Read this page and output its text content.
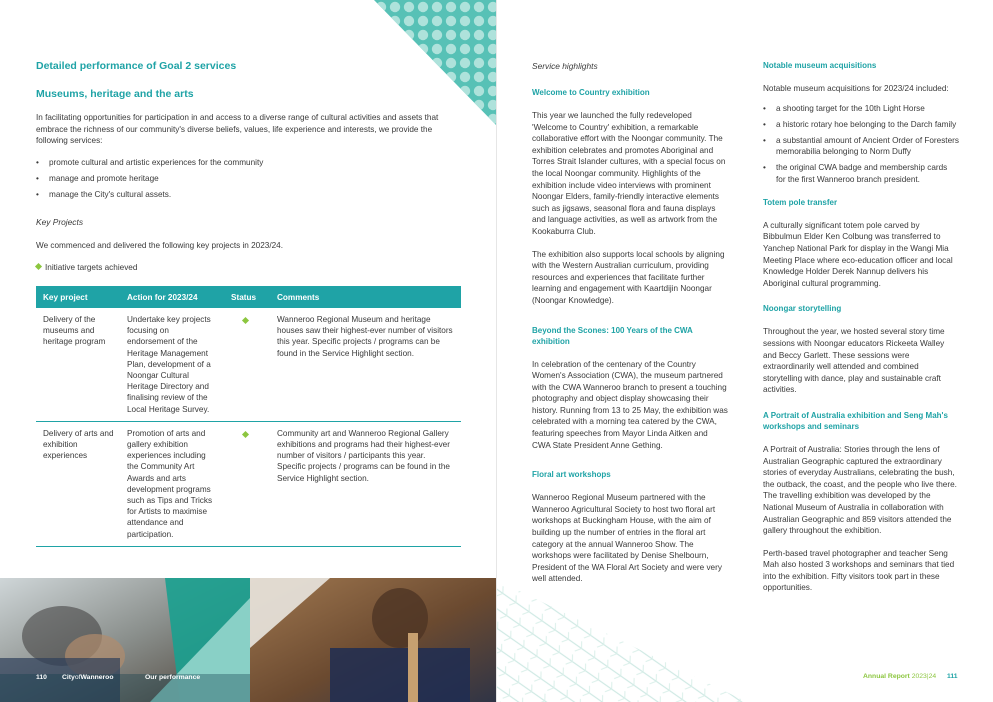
Detailed performance of Goal 2 services
Museums, heritage and the arts

In facilitating opportunities for participation in and access to a diverse range of cultural activities and assets that embrace the richness of our community's diverse beliefs, values, life experience and interests, we provide the following services:

• promote cultural and artistic experiences for the community
• manage and promote heritage
• manage the City's cultural assets.
Key Projects

We commenced and delivered the following key projects in 2023/24.

Initiative targets achieved
Key project	Action for 2023/24	Status	Comments
Delivery of the museums and heritage program	Undertake key projects focusing on endorsement of the Heritage Management Plan, development of a Noongar Cultural Heritage Directory and finalising review of the Local Heritage Survey.		Wanneroo Regional Museum and heritage houses saw their highest-ever number of visitors this year. Specific projects / programs can be found in the Service Highlight section.
Delivery of arts and exhibition experiences	Promotion of arts and gallery exhibition experiences including the Community Art Awards and arts development programs such as Tips and Tricks for Artists to maximise attendance and participation.		Community art and Wanneroo Regional Gallery exhibitions and programs had their highest-ever number of visitors / participants this year. Specific projects / programs can be found in the Service Highlight section.
110 CityofWanneroo	Our performance
Service highlights
Welcome to Country exhibition

This year we launched the fully redeveloped 'Welcome to Country' exhibition, a remarkable collaborative effort with the Noongar community. The exhibition celebrates and promotes Aboriginal and Torres Strait Islander cultures, with a special focus on the local Noongar community. Highlights of the exhibition include video interviews with prominent Noongar Elders, family-friendly interactive elements such as jigsaws, seasonal flora and fauna displays and language activities, as well as artwork from the Kookaburra Club.

The exhibition also supports local schools by aligning with the Western Australian curriculum, providing resources and experiences that facilitate further learning and engagement with Kaartdijin Noongar (Noongar Knowledge).

Beyond the Scones: 100 Years of the CWA exhibition

In celebration of the centenary of the Country Women's Association (CWA), the museum partnered with the CWA Wanneroo branch to present a touching photography and object display showcasing their history. Running from 13 to 25 May, the exhibition was celebrated with a morning tea catered by the CWA, featuring speeches from Mayor Linda Aitken and CWA State President Anne Gething.

Floral art workshops

Wanneroo Regional Museum partnered with the Wanneroo Agricultural Society to host two floral art workshops at Buckingham House, with the aim of building up the number of entries in the floral art category at the annual Wanneroo Show. The workshops were facilitated by Denise Shelbourn, President of the WA Floral Art Society and were very well attended.

Notable museum acquisitions

Notable museum acquisitions for 2023/24 included:

• a shooting target for the 10th Light Horse
• a historic rotary hoe belonging to the Darch family
• a substantial amount of Ancient Order of Foresters memorabilia belonging to Norm Duffy
• the original CWA badge and membership cards for the first Wanneroo branch president.
Totem pole transfer

A culturally significant totem pole carved by Bibbulmun Elder Ken Colbung was transferred to Yanchep National Park for display in the Wangi Mia Meeting Place where eco-education officer and local Knowledge Holder Derek Nannup delivers his Aboriginal cultural programming.

Noongar storytelling

Throughout the year, we hosted several story time sessions with Noongar educators Rickeeta Walley and Beccy Garlett. These sessions were extraordinarily well attended and combined storytelling with dance, play and sustainable craft activities.

A Portrait of Australia exhibition and Seng Mah's workshops and seminars

A Portrait of Australia: Stories through the lens of Australian Geographic captured the extraordinary stories of everyday Australians, celebrating the bush, the outback, the coast, and the people who live there. The travelling exhibition was developed by the National Museum of Australia in collaboration with Australian Geographic and 859 visitors attended the gallery throughout the exhibition.

Perth-based travel photographer and teacher Seng Mah also hosted 3 workshops and seminars that tied into the exhibition. Fifty visitors took part in these opportunities.

Annual Report 2023|24 111
